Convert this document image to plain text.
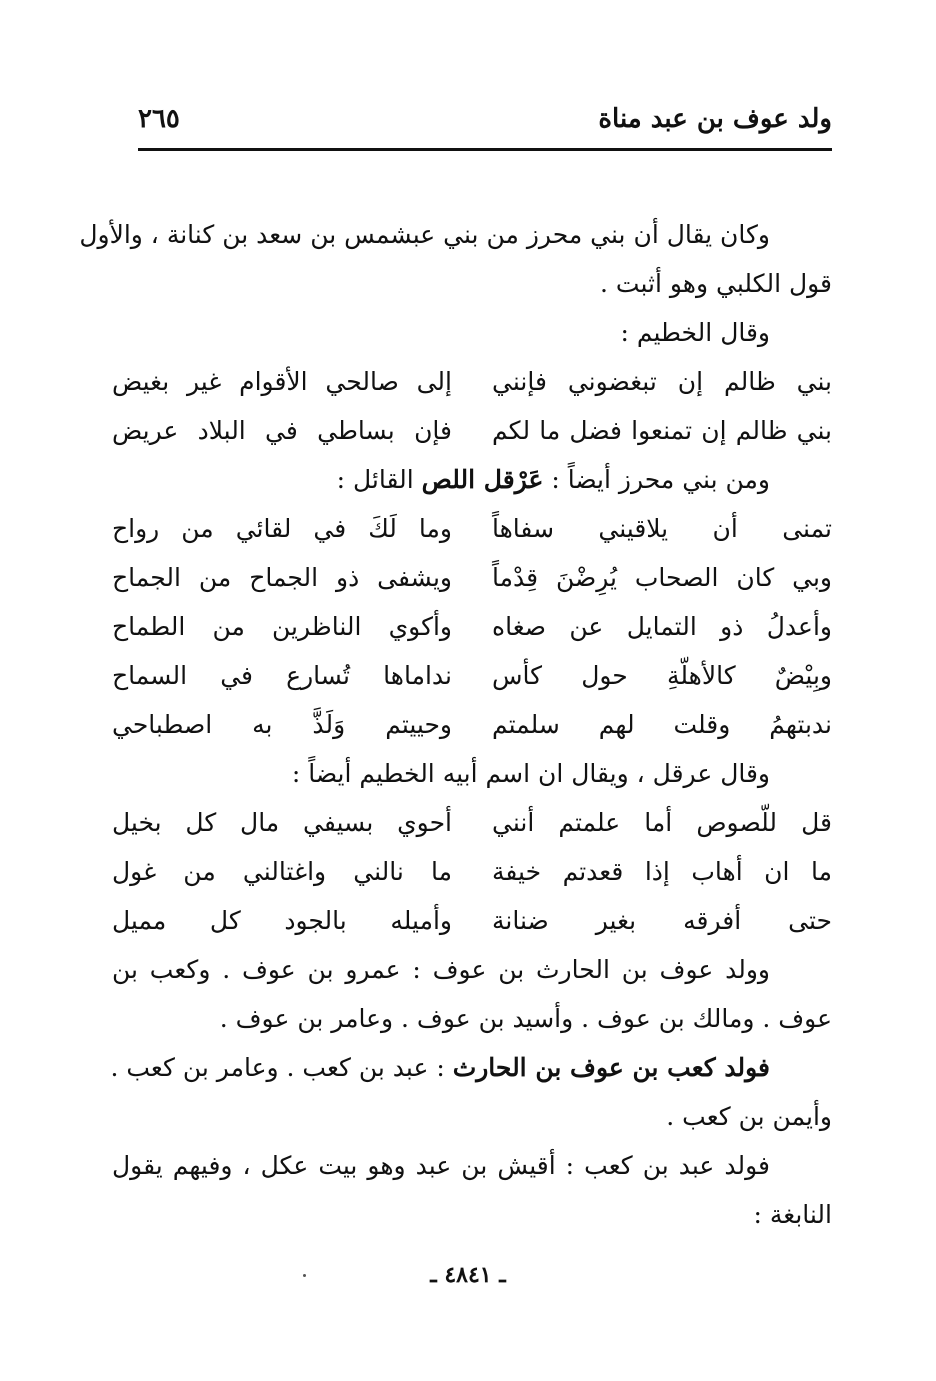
ولد عوف بن عبد مناة
٢٦٥
وكان يقال أن بني محرز من بني عبشمس بن سعد بن كنانة ، والأول
قول الكلبي وهو أثبت .
وقال الخطيم :
بني ظالم إن تبغضوني فإنني
إلى صالحي الأقوام غير بغيض
بني ظالم إن تمنعوا فضل ما لكم
فإن بساطي في البلاد عريض
ومن بني محرز أيضاً : عَرْقل اللص القائل :
تمنى أن يلاقيني سفاهاً
وما لَكَ في لقائي من رواح
وبي كان الصحاب يُرِضْنَ قِدْماً
ويشفى ذو الجماح من الجماح
وأعدلُ ذو التمايل عن صغاه
وأكوي الناظرين من الطماح
وبِيْضٌ كالأهلّةِ حول كأس
نداماها تُسارع في السماح
ندبتهمُ وقلت لهم سلمتم
وحييتم وَلَذَّ به اصطباحي
وقال عرقل ، ويقال ان اسم أبيه الخطيم أيضاً :
قل للّصوص أما علمتم أنني
أحوي بسيفي مال كل بخيل
ما ان أهاب إذا قعدتم خيفة
ما نالني واغتالني من غول
حتى أفرقه بغير ضنانة
وأميله بالجود كل مميل
وولد عوف بن الحارث بن عوف : عمرو بن عوف . وكعب بن
عوف . ومالك بن عوف . وأسيد بن عوف . وعامر بن عوف .
فولد كعب بن عوف بن الحارث : عبد بن كعب . وعامر بن كعب .
وأيمن بن كعب .
فولد عبد بن كعب : أقيش بن عبد وهو بيت عكل ، وفيهم يقول
النابغة :
ـ ٤٨٤١ ـ
